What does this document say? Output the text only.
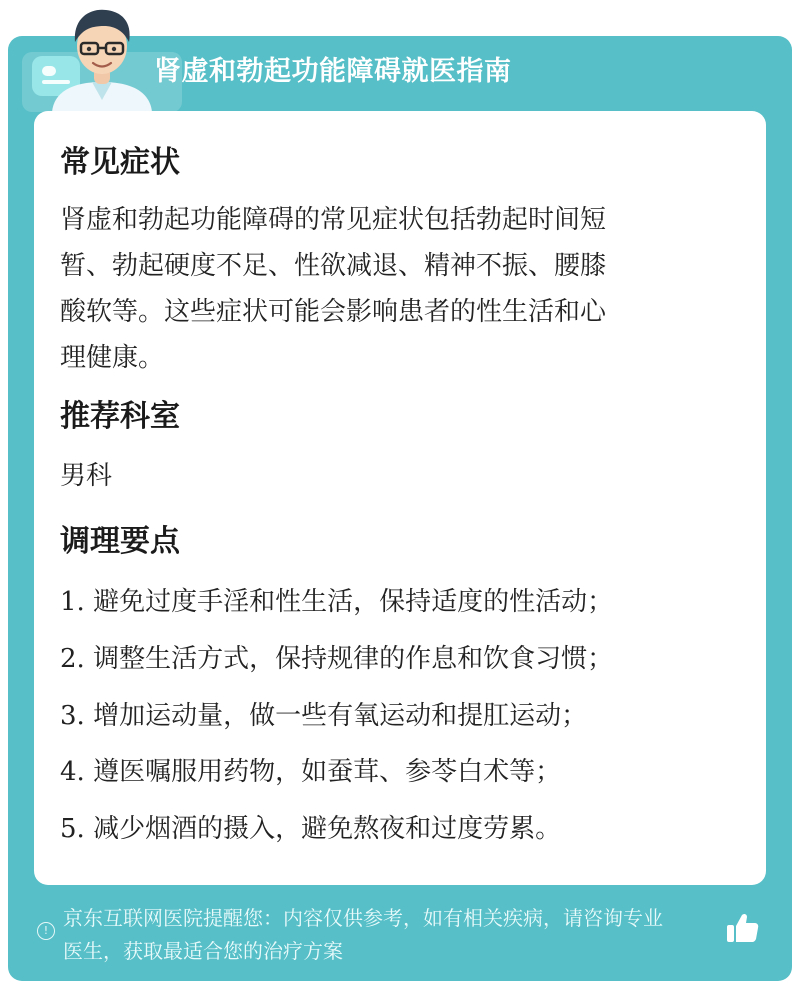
肾虚和勃起功能障碍就医指南
常见症状
肾虚和勃起功能障碍的常见症状包括勃起时间短
暂、勃起硬度不足、性欲减退、精神不振、腰膝
酸软等。这些症状可能会影响患者的性生活和心
理健康。
推荐科室
男科
调理要点
1. 避免过度手淫和性生活，保持适度的性活动；
2. 调整生活方式，保持规律的作息和饮食习惯；
3. 增加运动量，做一些有氧运动和提肛运动；
4. 遵医嘱服用药物，如蚕茸、参苓白术等；
5. 减少烟酒的摄入，避免熬夜和过度劳累。
!
京东互联网医院提醒您：内容仅供参考，如有相关疾病，请咨询专业
医生，获取最适合您的治疗方案
